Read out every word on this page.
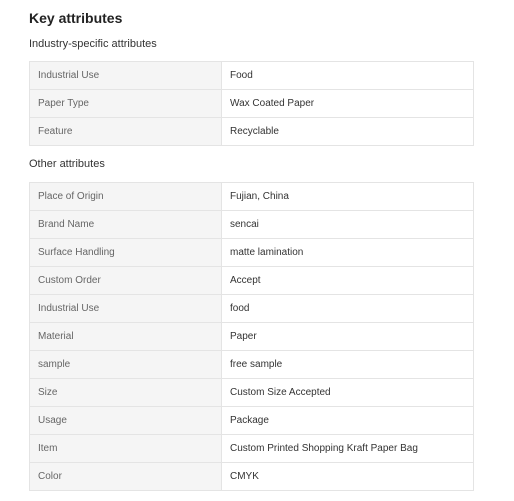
Key attributes
Industry-specific attributes
Industrial Use	Food
Paper Type	Wax Coated Paper
Feature	Recyclable
Other attributes
Place of Origin	Fujian, China
Brand Name	sencai
Surface Handling	matte lamination
Custom Order	Accept
Industrial Use	food
Material	Paper
sample	free sample
Size	Custom Size Accepted
Usage	Package
Item	Custom Printed Shopping Kraft Paper Bag
Color	CMYK
